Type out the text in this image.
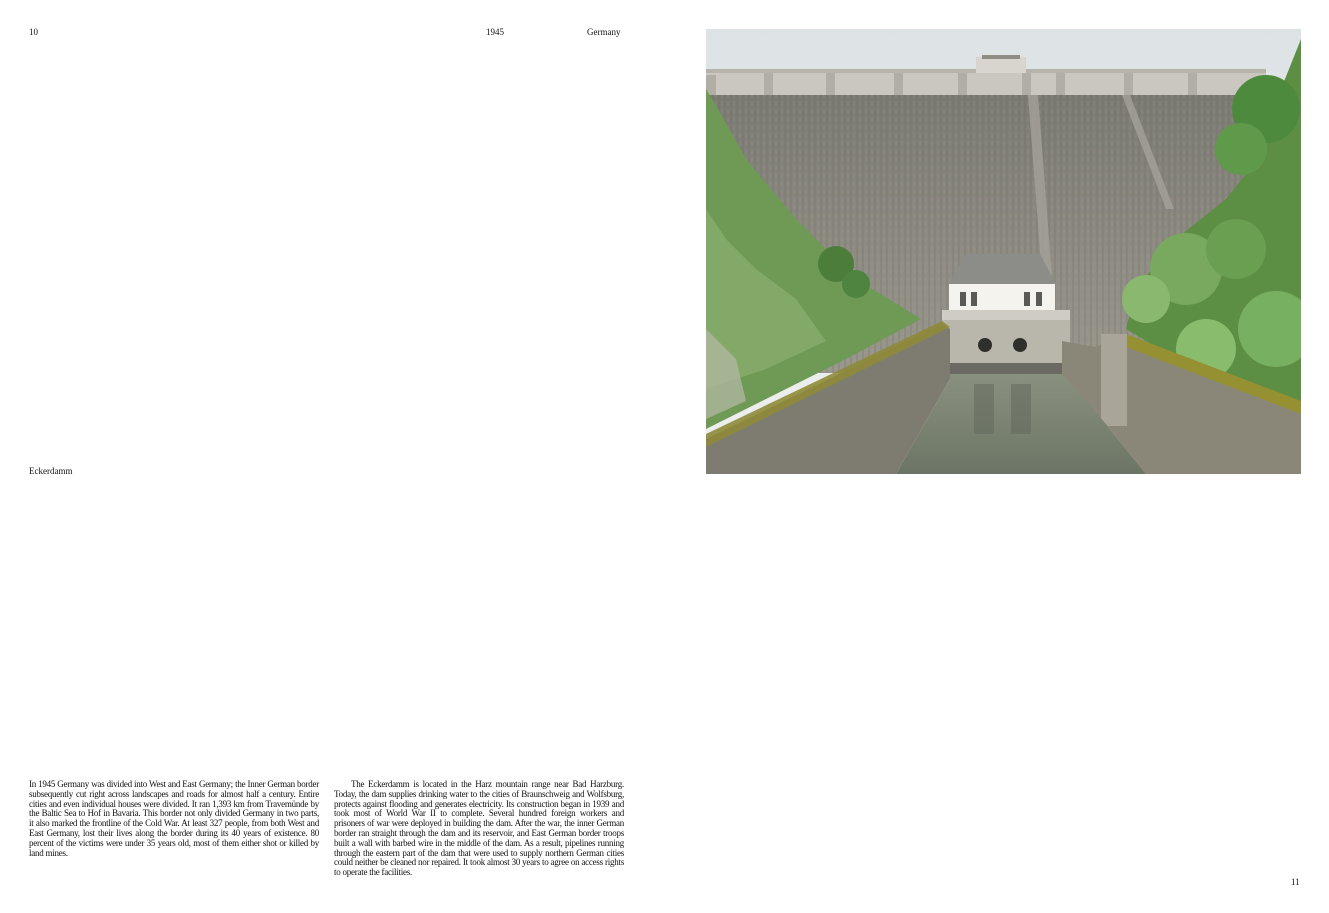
10	1945	Germany
Eckerdamm

In 1945 Germany was divided into West and East Germany; the Inner German border subsequently cut right across landscapes and roads for almost half a century. Entire cities and even individual houses were divided. It ran 1,393 km from Travemünde by the Baltic Sea to Hof in Bavaria. This border not only divided Germany in two parts, it also marked the frontline of the Cold War. At least 327 people, from both West and East Germany, lost their lives along the border during its 40 years of existence. 80 percent of the victims were under 35 years old, most of them either shot or killed by land mines.

The Eckerdamm is located in the Harz mountain range near Bad Harzburg. Today, the dam supplies drinking water to the cities of Braunschweig and Wolfsburg, protects against flooding and generates electricity. Its construction began in 1939 and took most of World War II to complete. Several hundred foreign workers and prisoners of war were deployed in building the dam. After the war, the inner German border ran straight through the dam and its reservoir, and East German border troops built a wall with barbed wire in the middle of the dam. As a result, pipelines running through the eastern part of the dam that were used to supply northern German cities could neither be cleaned nor repaired. It took almost 30 years to agree on access rights to operate the facilities.

11
